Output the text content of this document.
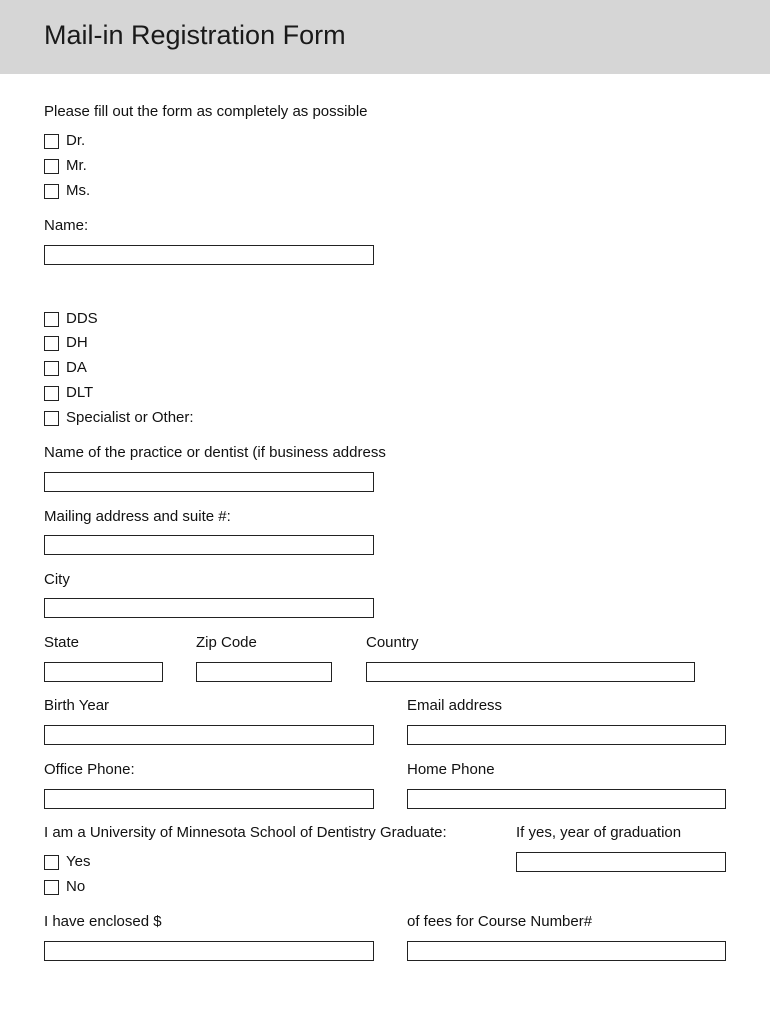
Mail-in Registration Form
Please fill out the form as completely as possible
Dr.
Mr.
Ms.
Name:
DDS
DH
DA
DLT
Specialist or Other:
Name of the practice or dentist (if business address
Mailing address and suite #:
City
State	Zip Code	Country
Birth Year	Email address
Office Phone:	Home Phone
I am a University of Minnesota School of Dentistry Graduate:	If yes, year of graduation
Yes
No
I have enclosed $	of fees for Course Number#
